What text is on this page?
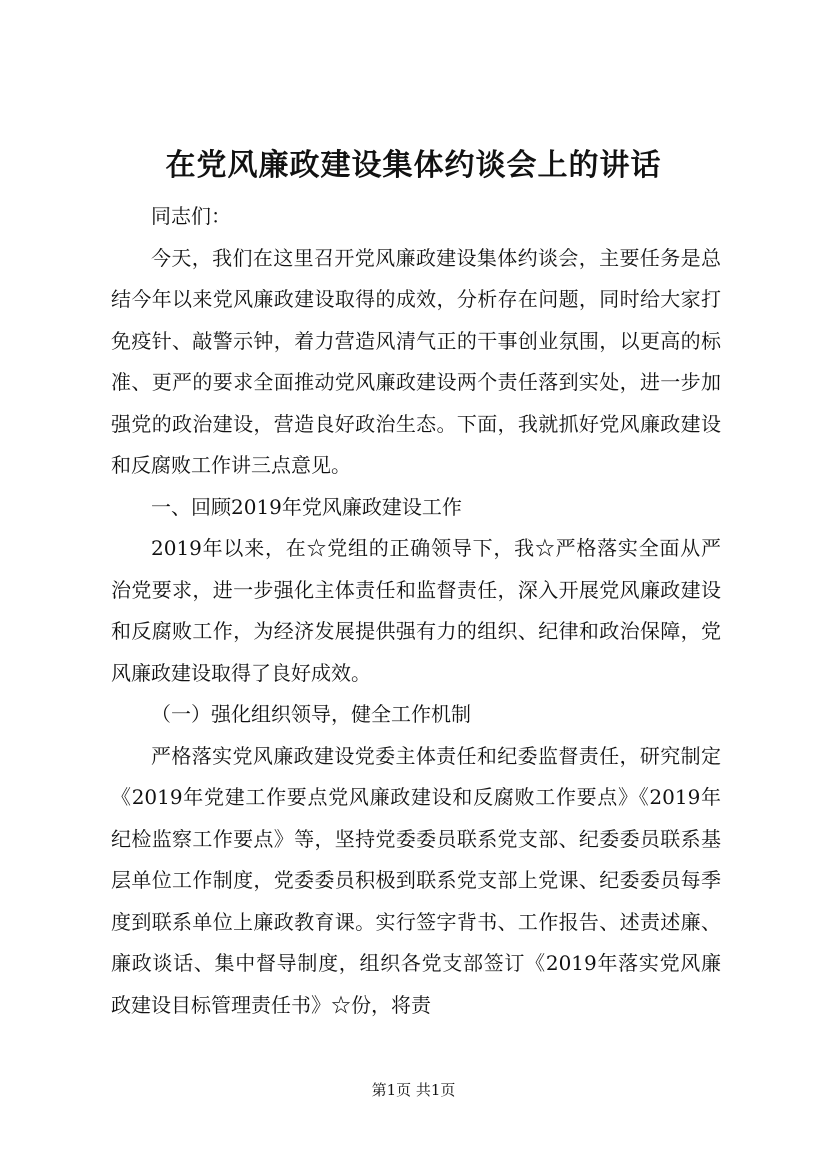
在党风廉政建设集体约谈会上的讲话

同志们：

今天，我们在这里召开党风廉政建设集体约谈会，主要任务是总结今年以来党风廉政建设取得的成效，分析存在问题，同时给大家打免疫针、敲警示钟，着力营造风清气正的干事创业氛围，以更高的标准、更严的要求全面推动党风廉政建设两个责任落到实处，进一步加强党的政治建设，营造良好政治生态。下面，我就抓好党风廉政建设和反腐败工作讲三点意见。

一、回顾2019年党风廉政建设工作

2019年以来，在☆党组的正确领导下，我☆严格落实全面从严治党要求，进一步强化主体责任和监督责任，深入开展党风廉政建设和反腐败工作，为经济发展提供强有力的组织、纪律和政治保障，党风廉政建设取得了良好成效。

（一）强化组织领导，健全工作机制

严格落实党风廉政建设党委主体责任和纪委监督责任，研究制定《2019年党建工作要点党风廉政建设和反腐败工作要点》《2019年纪检监察工作要点》等，坚持党委委员联系党支部、纪委委员联系基层单位工作制度，党委委员积极到联系党支部上党课、纪委委员每季度到联系单位上廉政教育课。实行签字背书、工作报告、述责述廉、廉政谈话、集中督导制度，组织各党支部签订《2019年落实党风廉政建设目标管理责任书》☆份，将责

第1页 共1页
